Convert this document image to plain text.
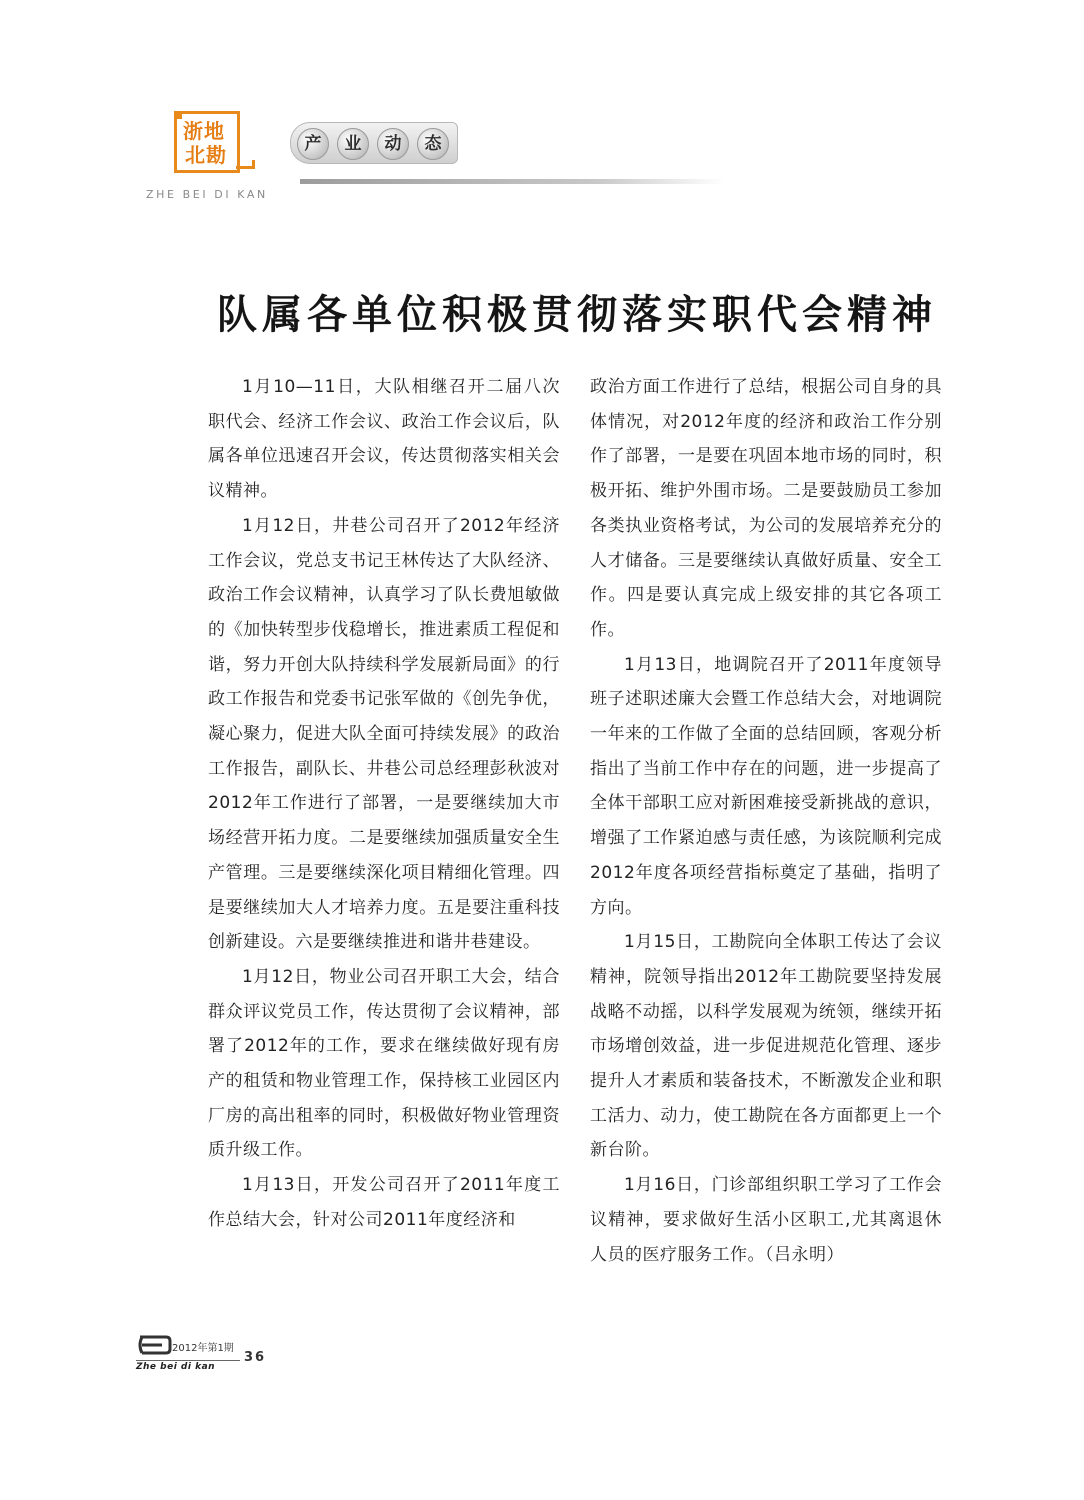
浙地
北勘
ZHE BEI DI KAN
产	业	动	态
队属各单位积极贯彻落实职代会精神

1月10—11日，大队相继召开二届八次职代会、经济工作会议、政治工作会议后，队属各单位迅速召开会议，传达贯彻落实相关会议精神。

1月12日，井巷公司召开了2012年经济工作会议，党总支书记王林传达了大队经济、政治工作会议精神，认真学习了队长费旭敏做的《加快转型步伐稳增长，推进素质工程促和谐，努力开创大队持续科学发展新局面》的行政工作报告和党委书记张军做的《创先争优，凝心聚力，促进大队全面可持续发展》的政治工作报告，副队长、井巷公司总经理彭秋波对2012年工作进行了部署，一是要继续加大市场经营开拓力度。二是要继续加强质量安全生产管理。三是要继续深化项目精细化管理。四是要继续加大人才培养力度。五是要注重科技创新建设。六是要继续推进和谐井巷建设。

1月12日，物业公司召开职工大会，结合群众评议党员工作，传达贯彻了会议精神，部署了2012年的工作，要求在继续做好现有房产的租赁和物业管理工作，保持核工业园区内厂房的高出租率的同时，积极做好物业管理资质升级工作。

1月13日，开发公司召开了2011年度工作总结大会，针对公司2011年度经济和

政治方面工作进行了总结，根据公司自身的具体情况，对2012年度的经济和政治工作分别作了部署，一是要在巩固本地市场的同时，积极开拓、维护外围市场。二是要鼓励员工参加各类执业资格考试，为公司的发展培养充分的人才储备。三是要继续认真做好质量、安全工作。四是要认真完成上级安排的其它各项工作。

1月13日，地调院召开了2011年度领导班子述职述廉大会暨工作总结大会，对地调院一年来的工作做了全面的总结回顾，客观分析指出了当前工作中存在的问题，进一步提高了全体干部职工应对新困难接受新挑战的意识，增强了工作紧迫感与责任感，为该院顺利完成2012年度各项经营指标奠定了基础，指明了方向。

1月15日，工勘院向全体职工传达了会议精神，院领导指出2012年工勘院要坚持发展战略不动摇，以科学发展观为统领，继续开拓市场增创效益，进一步促进规范化管理、逐步提升人才素质和装备技术，不断激发企业和职工活力、动力，使工勘院在各方面都更上一个新台阶。

1月16日，门诊部组织职工学习了工作会议精神，要求做好生活小区职工,尤其离退休人员的医疗服务工作。（吕永明）

2012年第1期
Zhe bei di kan
36
